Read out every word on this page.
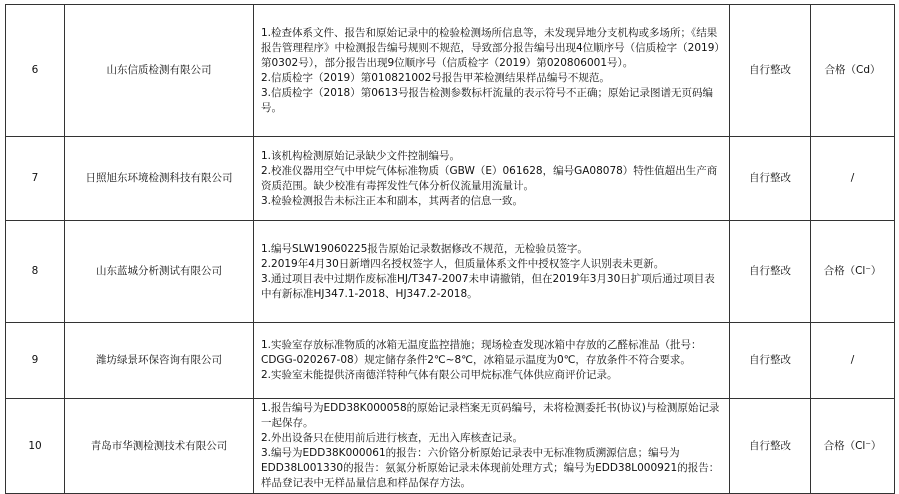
6	山东信质检测有限公司	1.检查体系文件、报告和原始记录中的检验检测场所信息等，未发现异地分支机构或多场所；《结果报告管理程序》中检测报告编号规则不规范，导致部分报告编号出现4位顺序号（信质检字（2019）第0302号），部分报告出现9位顺序号（信质检字（2019）第020806001号）。
2.信质检字（2019）第010821002号报告甲苯检测结果样品编号不规范。
3.信质检字（2018）第0613号报告检测参数标杆流量的表示符号不正确；原始记录图谱无页码编号。	自行整改	合格（Cd）
7	日照旭东环境检测科技有限公司	1.该机构检测原始记录缺少文件控制编号。
2.校准仪器用空气中甲烷气体标准物质（GBW（E）061628，编号GA08078）特性值超出生产商资质范围。缺少校准有毒挥发性气体分析仪流量用流量计。
3.检验检测报告未标注正本和副本，其两者的信息一致。	自行整改	/
8	山东蓝城分析测试有限公司	1.编号SLW19060225报告原始记录数据修改不规范，无检验员签字。
2.2019年4月30日新增四名授权签字人，但质量体系文件中授权签字人识别表未更新。
3.通过项目表中过期作废标准HJ/T347-2007未申请撤销，但在2019年3月30日扩项后通过项目表中有新标准HJ347.1-2018、HJ347.2-2018。	自行整改	合格（Cl⁻）
9	潍坊绿景环保咨询有限公司	1.实验室存放标准物质的冰箱无温度监控措施；现场检查发现冰箱中存放的乙醛标准品（批号：CDGG-020267-08）规定储存条件2℃~8℃，冰箱显示温度为0℃，存放条件不符合要求。
2.实验室未能提供济南德洋特种气体有限公司甲烷标准气体供应商评价记录。	自行整改	/
10	青岛市华测检测技术有限公司	1.报告编号为EDD38K000058的原始记录档案无页码编号，未将检测委托书(协议)与检测原始记录一起保存。
2.外出设备只在使用前后进行核查，无出入库核查记录。
3.编号为EDD38K000061的报告：六价铬分析原始记录表中无标准物质溯源信息；编号为EDD38L001330的报告：氨氮分析原始记录未体现前处理方式；编号为EDD38L000921的报告：样品登记表中无样品量信息和样品保存方法。	自行整改	合格（Cl⁻）
